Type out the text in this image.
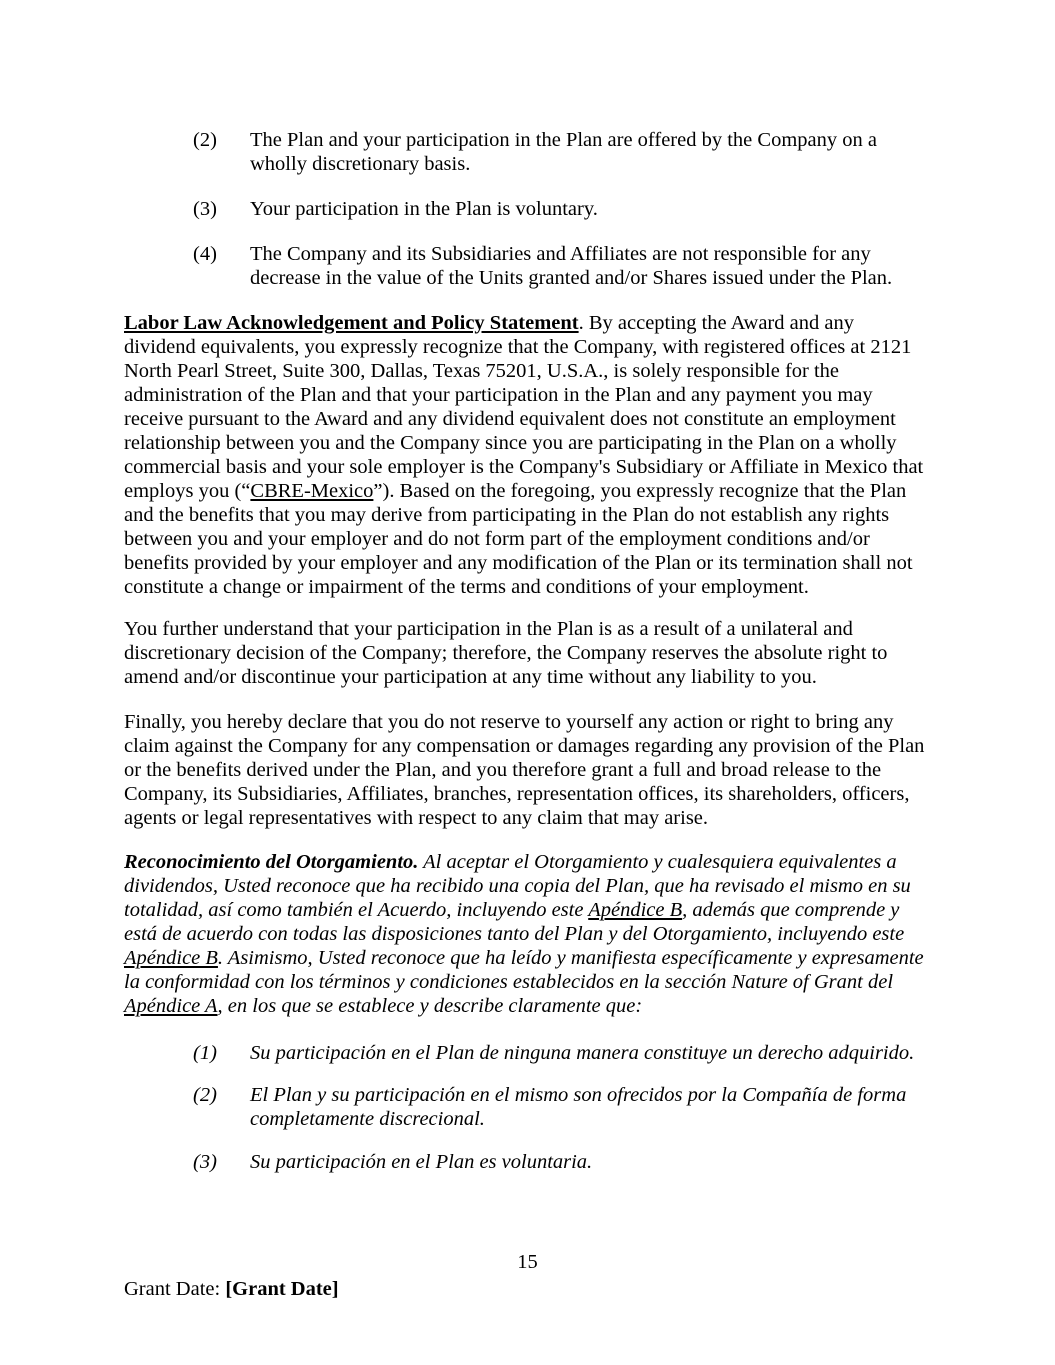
(2)	The Plan and your participation in the Plan are offered by the Company on a wholly discretionary basis.
(3)	Your participation in the Plan is voluntary.
(4)	The Company and its Subsidiaries and Affiliates are not responsible for any decrease in the value of the Units granted and/or Shares issued under the Plan.

Labor Law Acknowledgement and Policy Statement. By accepting the Award and any dividend equivalents, you expressly recognize that the Company, with registered offices at 2121 North Pearl Street, Suite 300, Dallas, Texas 75201, U.S.A., is solely responsible for the administration of the Plan and that your participation in the Plan and any payment you may receive pursuant to the Award and any dividend equivalent does not constitute an employment relationship between you and the Company since you are participating in the Plan on a wholly commercial basis and your sole employer is the Company's Subsidiary or Affiliate in Mexico that employs you (“CBRE-Mexico”). Based on the foregoing, you expressly recognize that the Plan and the benefits that you may derive from participating in the Plan do not establish any rights between you and your employer and do not form part of the employment conditions and/or benefits provided by your employer and any modification of the Plan or its termination shall not constitute a change or impairment of the terms and conditions of your employment.

You further understand that your participation in the Plan is as a result of a unilateral and discretionary decision of the Company; therefore, the Company reserves the absolute right to amend and/or discontinue your participation at any time without any liability to you.

Finally, you hereby declare that you do not reserve to yourself any action or right to bring any claim against the Company for any compensation or damages regarding any provision of the Plan or the benefits derived under the Plan, and you therefore grant a full and broad release to the Company, its Subsidiaries, Affiliates, branches, representation offices, its shareholders, officers, agents or legal representatives with respect to any claim that may arise.

Reconocimiento del Otorgamiento. Al aceptar el Otorgamiento y cualesquiera equivalentes a dividendos, Usted reconoce que ha recibido una copia del Plan, que ha revisado el mismo en su totalidad, así como también el Acuerdo, incluyendo este Apéndice B, además que comprende y está de acuerdo con todas las disposiciones tanto del Plan y del Otorgamiento, incluyendo este Apéndice B. Asimismo, Usted reconoce que ha leído y manifiesta específicamente y expresamente la conformidad con los términos y condiciones establecidos en la sección Nature of Grant del Apéndice A, en los que se establece y describe claramente que:

(1)	Su participación en el Plan de ninguna manera constituye un derecho adquirido.
(2)	El Plan y su participación en el mismo son ofrecidos por la Compañía de forma completamente discrecional.
(3)	Su participación en el Plan es voluntaria.
15
Grant Date: [Grant Date]
